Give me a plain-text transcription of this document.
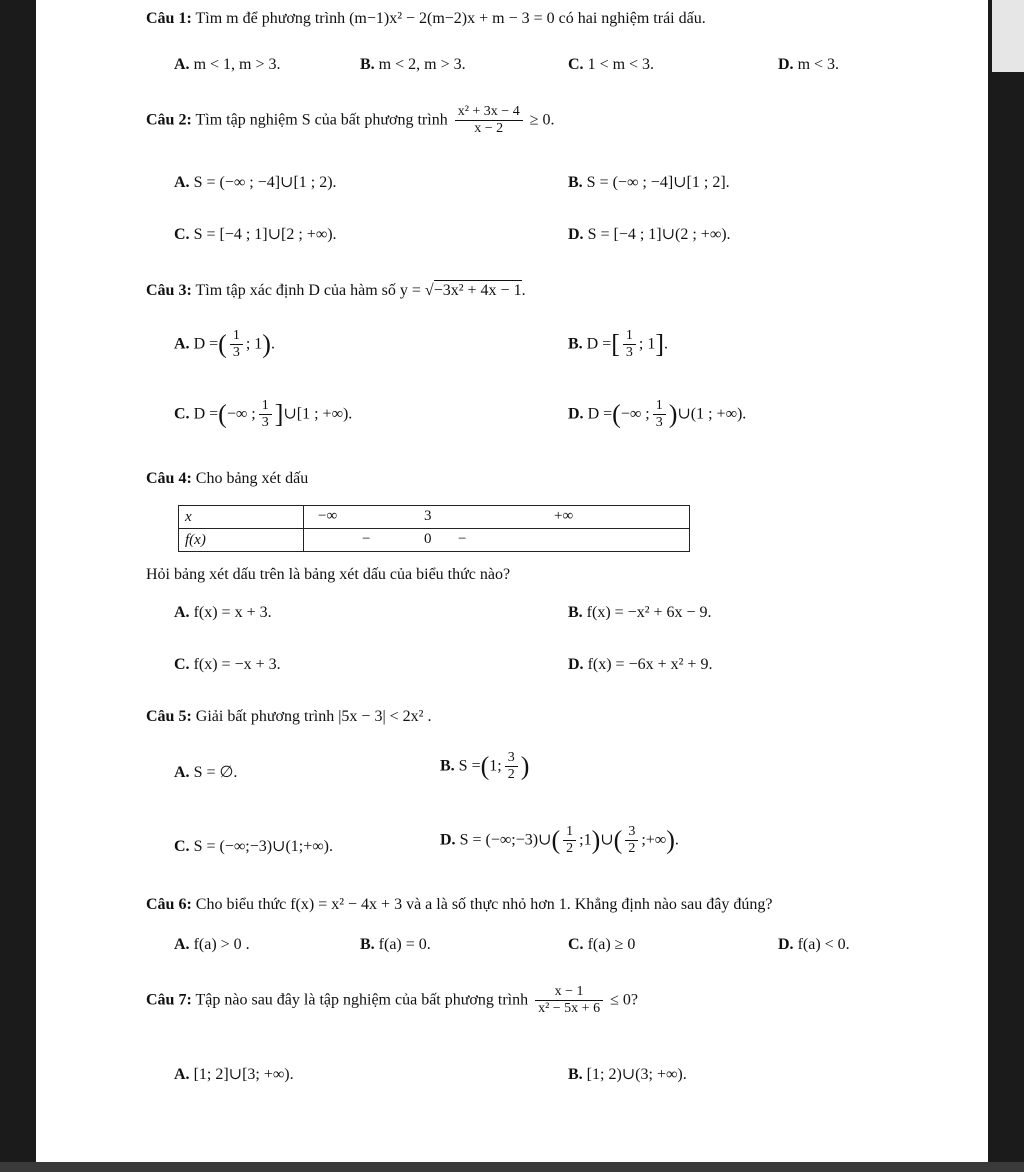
Câu 1: Tìm m để phương trình (m−1)x² − 2(m−2)x + m − 3 = 0 có hai nghiệm trái dấu.
A. m < 1, m > 3.	B. m < 2, m > 3.	C. 1 < m < 3.	D. m < 3.
Câu 2: Tìm tập nghiệm S của bất phương trình $\frac{\text{x² + 3x − 4}}{x - 2} \ge 0$.
A. S = (−∞ ; −4]∪[1 ; 2).	B. S = (−∞ ; −4]∪[1 ; 2].
C. S = [−4 ; 1]∪[2 ; +∞).	D. S = [−4 ; 1]∪(2 ; +∞).
Câu 3: Tìm tập xác định D của hàm số y = √−3x² + 4x − 1.
A. D =( $\frac{1}{3}$ ; 1).	B. D =[ $\frac{1}{3}$ ; 1].
C. D =(−∞ ; $\frac{1}{3}$ ]∪[1 ; +∞).	D. D =(−∞ ; $\frac{1}{3}$ )∪(1 ; +∞).
Câu 4: Cho bảng xét dấu
x	−∞ 3 +∞

f(x)	− 0 −
Hỏi bảng xét dấu trên là bảng xét dấu của biểu thức nào?
A. f(x) = x + 3.	B. f(x) = −x² + 6x − 9.
C. f(x) = −x + 3.	D. f(x) = −6x + x² + 9.
Câu 5: Giải bất phương trình |5x − 3| < 2x² .
A. S = ∅.	B. S =(1; $\frac{3}{2}$ )
C. S = (−∞;−3)∪(1;+∞).	D. S = (−∞;−3)∪( $\frac{1}{2}$ ;1)∪( $\frac{3}{2}$ ;+∞).
Câu 6: Cho biểu thức f(x) = x² − 4x + 3 và a là số thực nhỏ hơn 1. Khẳng định nào sau đây đúng?
A. f(a) > 0 .	B. f(a) = 0.	C. f(a) ≥ 0	D. f(a) < 0.
Câu 7: Tập nào sau đây là tập nghiệm của bất phương trình $\frac{x - 1}{\text{x² − 5x + 6}} \le 0$?
A. [1; 2]∪[3; +∞).	B. [1; 2)∪(3; +∞).
